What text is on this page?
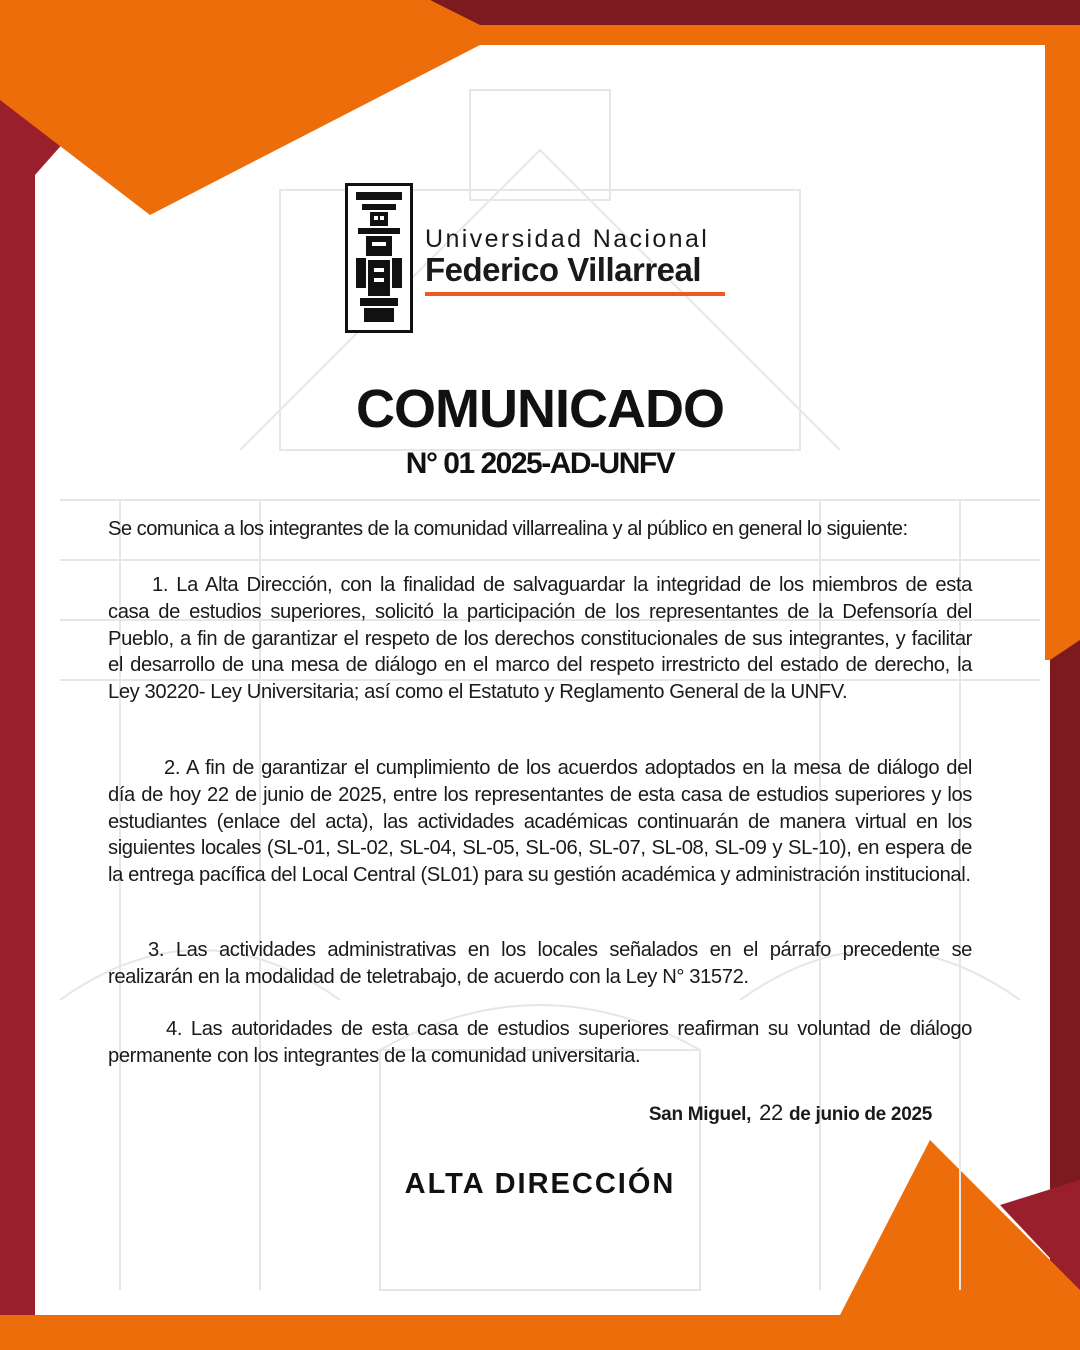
Universidad Nacional
Federico Villarreal
COMUNICADO
N° 01 2025-AD-UNFV
Se comunica a los integrantes de la comunidad villarrealina y al público en general lo siguiente:
1. La Alta Dirección, con la finalidad de salvaguardar la integridad de los miembros de esta casa de estudios superiores, solicitó la participación de los representantes de la Defensoría del Pueblo, a fin de garantizar el respeto de los derechos constitucionales de sus integrantes, y facilitar el desarrollo de una mesa de diálogo en el marco del respeto irrestricto del estado de derecho, la Ley 30220- Ley Universitaria; así como el Estatuto y Reglamento General de la UNFV.
2. A fin de garantizar el cumplimiento de los acuerdos adoptados en la mesa de diálogo del día de hoy 22 de junio de 2025, entre los representantes de esta casa de estudios superiores y los estudiantes (enlace del acta), las actividades académicas continuarán de manera virtual en los siguientes locales (SL-01, SL-02, SL-04, SL-05, SL-06, SL-07, SL-08, SL-09 y SL-10), en espera de la entrega pacífica del Local Central (SL01) para su gestión académica y administración institucional.
3. Las actividades administrativas en los locales señalados en el párrafo precedente se realizarán en la modalidad de teletrabajo, de acuerdo con la Ley N° 31572.
4. Las autoridades de esta casa de estudios superiores reafirman su voluntad de diálogo permanente con los integrantes de la comunidad universitaria.
San Miguel, 22 de junio de 2025
ALTA DIRECCIÓN
